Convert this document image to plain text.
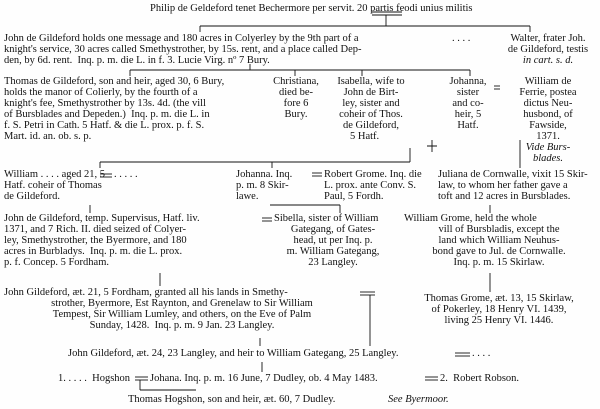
Philip de Geldeford tenet Bechermore per servit. 20 partis feodi unius militis
John de Gildeford holds one message and 180 acres in Colyerley by the 9th part of a
knight's service, 30 acres called Smethystrother, by 15s. rent, and a place called Dep-
den, by 6d. rent.  Inq. p. m. die L. in f. 3. Lucie Virg. nº 7 Bury.
. . . .	Walter, frater Joh.
de Gildeford, testis
in cart. s. d.
Thomas de Gildeford, son and heir, aged 30, 6 Bury,
holds the manor of Colierly, by the fourth of a
knight's fee, Smethystrother by 13s. 4d. (the vill
of Bursblades and Depeden.)  Inq. p. m. die L. in
f. S. Petri in Cath. 5 Hatf. & die L. prox. p. f. S.
Mart. id. an. ob. s. p.
Christiana,
died be-
fore 6
Bury.
Isabella, wife to
John de Birt-
ley, sister and
coheir of Thos.
de Gildeford,
5 Hatf.
Johanna,
sister
and co-
heir, 5
Hatf.
William de
Ferrie, postea
dictus Neu-
husbond, of
Fawside,
1371.
Vide Burs-
blades.
William . . . . aged 21, 5
Hatf. coheir of Thomas
de Gildeford.
. . . . .	Johanna. Inq.
p. m. 8 Skir-
lawe.
Robert Grome. Inq. die
L. prox. ante Conv. S.
Paul, 5 Fordh.
Juliana de Cornwalle, vixit 15 Skir-
law, to whom her father gave a
toft and 12 acres in Bursblades.
John de Gildeford, temp. Supervisus, Hatf. liv.
1371, and 7 Rich. II. died seized of Colyer-
ley, Smethystrother, the Byermore, and 180
acres in Burbladys.  Inq. p. m. die L. prox.
p. f. Concep. 5 Fordham.
Sibella, sister of William
Gategang, of Gates-
head, ut per Inq. p.
m. William Gategang,
23 Langley.
William Grome, held the whole
vill of Bursbladis, except the
land which William Neuhus-
bond gave to Jul. de Cornwalle.
Inq. p. m. 15 Skirlaw.
John Gildeford, æt. 21, 5 Fordham, granted all his lands in Smethy-
strother, Byermore, Est Raynton, and Grenelaw to Sir William
Tempest, Sir William Lumley, and others, on the Eve of Palm
Sunday, 1428.  Inq. p. m. 9 Jan. 23 Langley.
Thomas Grome, æt. 13, 15 Skirlaw,
of Pokerley, 18 Henry VI. 1439,
living 25 Henry VI. 1446.
John Gildeford, æt. 24, 23 Langley, and heir to William Gategang, 25 Langley.	. . . .
1. . . . .  Hogshon Johana. Inq. p. m. 16 June, 7 Dudley, ob. 4 May 1483.	2.  Robert Robson.
Thomas Hogshon, son and heir, æt. 60, 7 Dudley.	See Byermoor.
